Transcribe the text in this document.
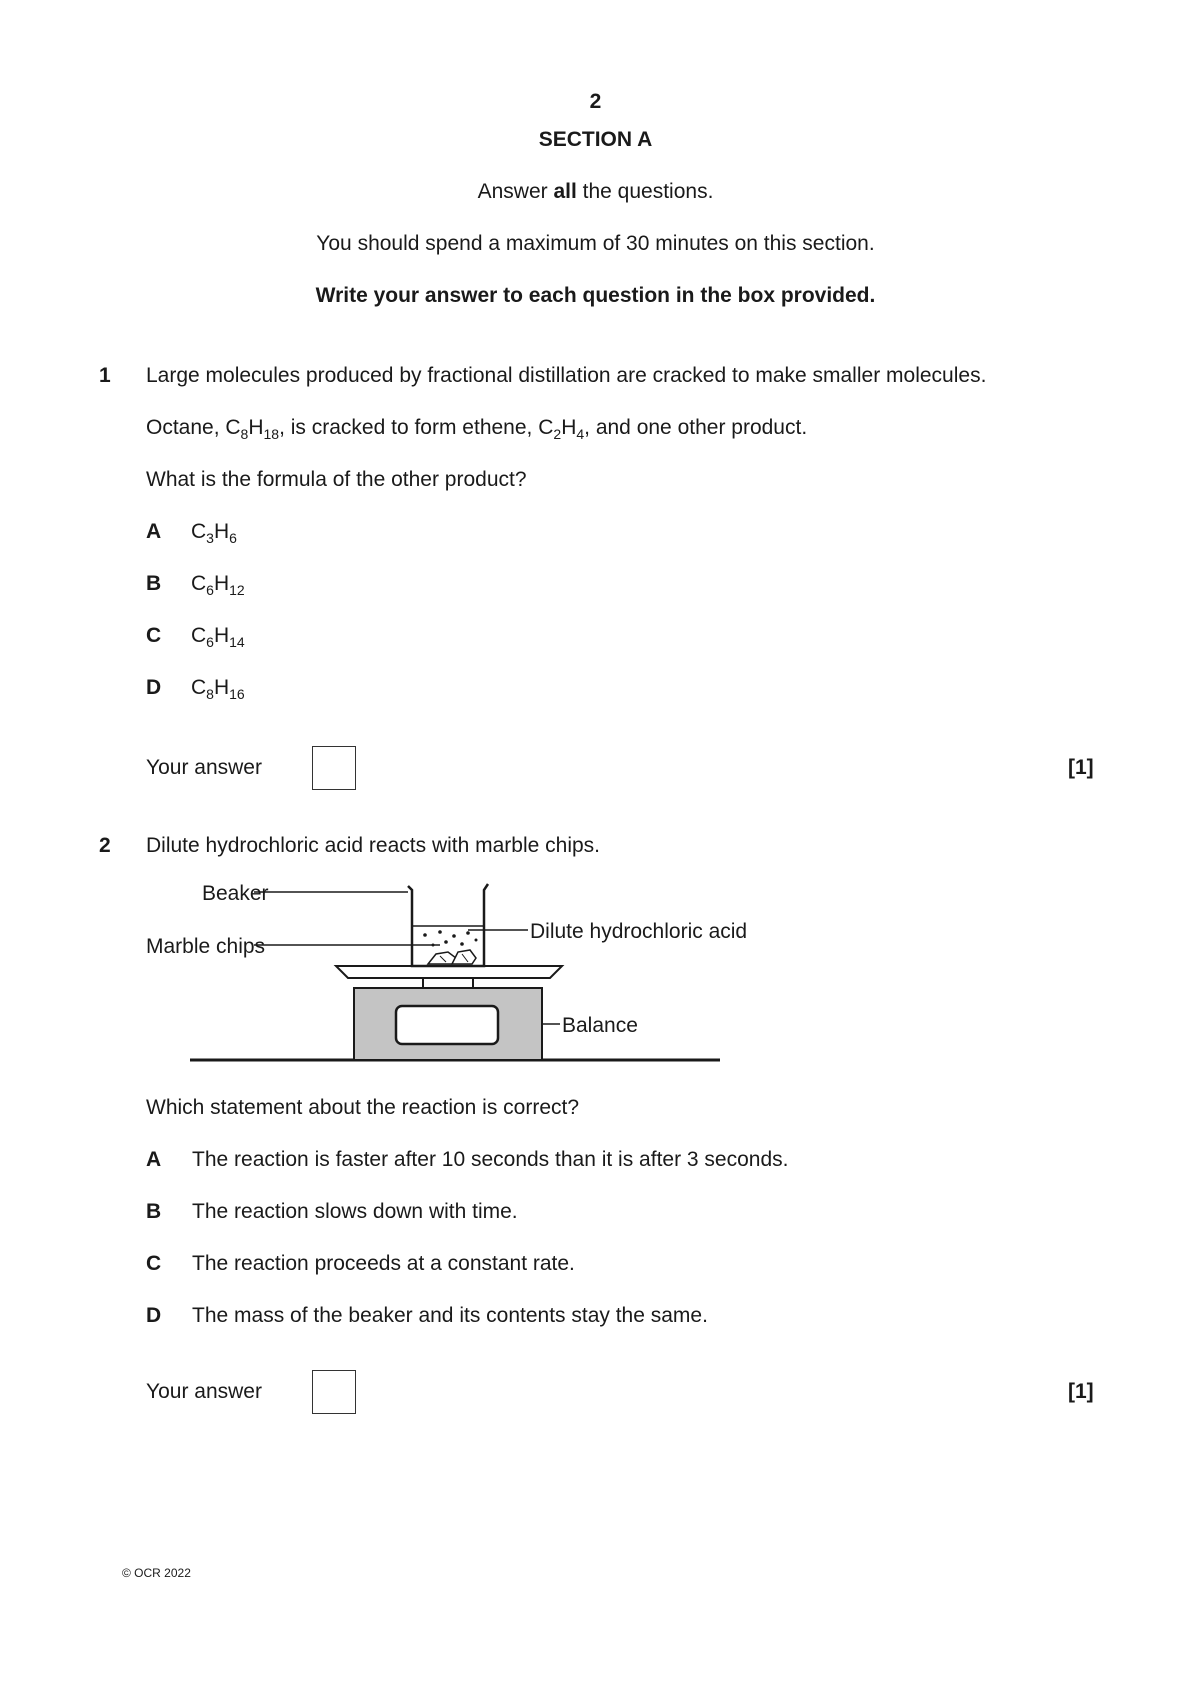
2
SECTION A
Answer all the questions.
You should spend a maximum of 30 minutes on this section.
Write your answer to each question in the box provided.
1 Large molecules produced by fractional distillation are cracked to make smaller molecules.
Octane, $C_8H_{18}$, is cracked to form ethene, $C_2H_4$, and one other product.
What is the formula of the other product?
A $C_3H_6$
B $C_6H_{12}$
C $C_6H_{14}$
D $C_8H_{16}$
Your answer	[1]
2 Dilute hydrochloric acid reacts with marble chips.
Beaker
Marble chips
Dilute hydrochloric acid
Balance
Which statement about the reaction is correct?
A The reaction is faster after 10 seconds than it is after 3 seconds.
B The reaction slows down with time.
C The reaction proceeds at a constant rate.
D The mass of the beaker and its contents stay the same.
Your answer	[1]
© OCR 2022
